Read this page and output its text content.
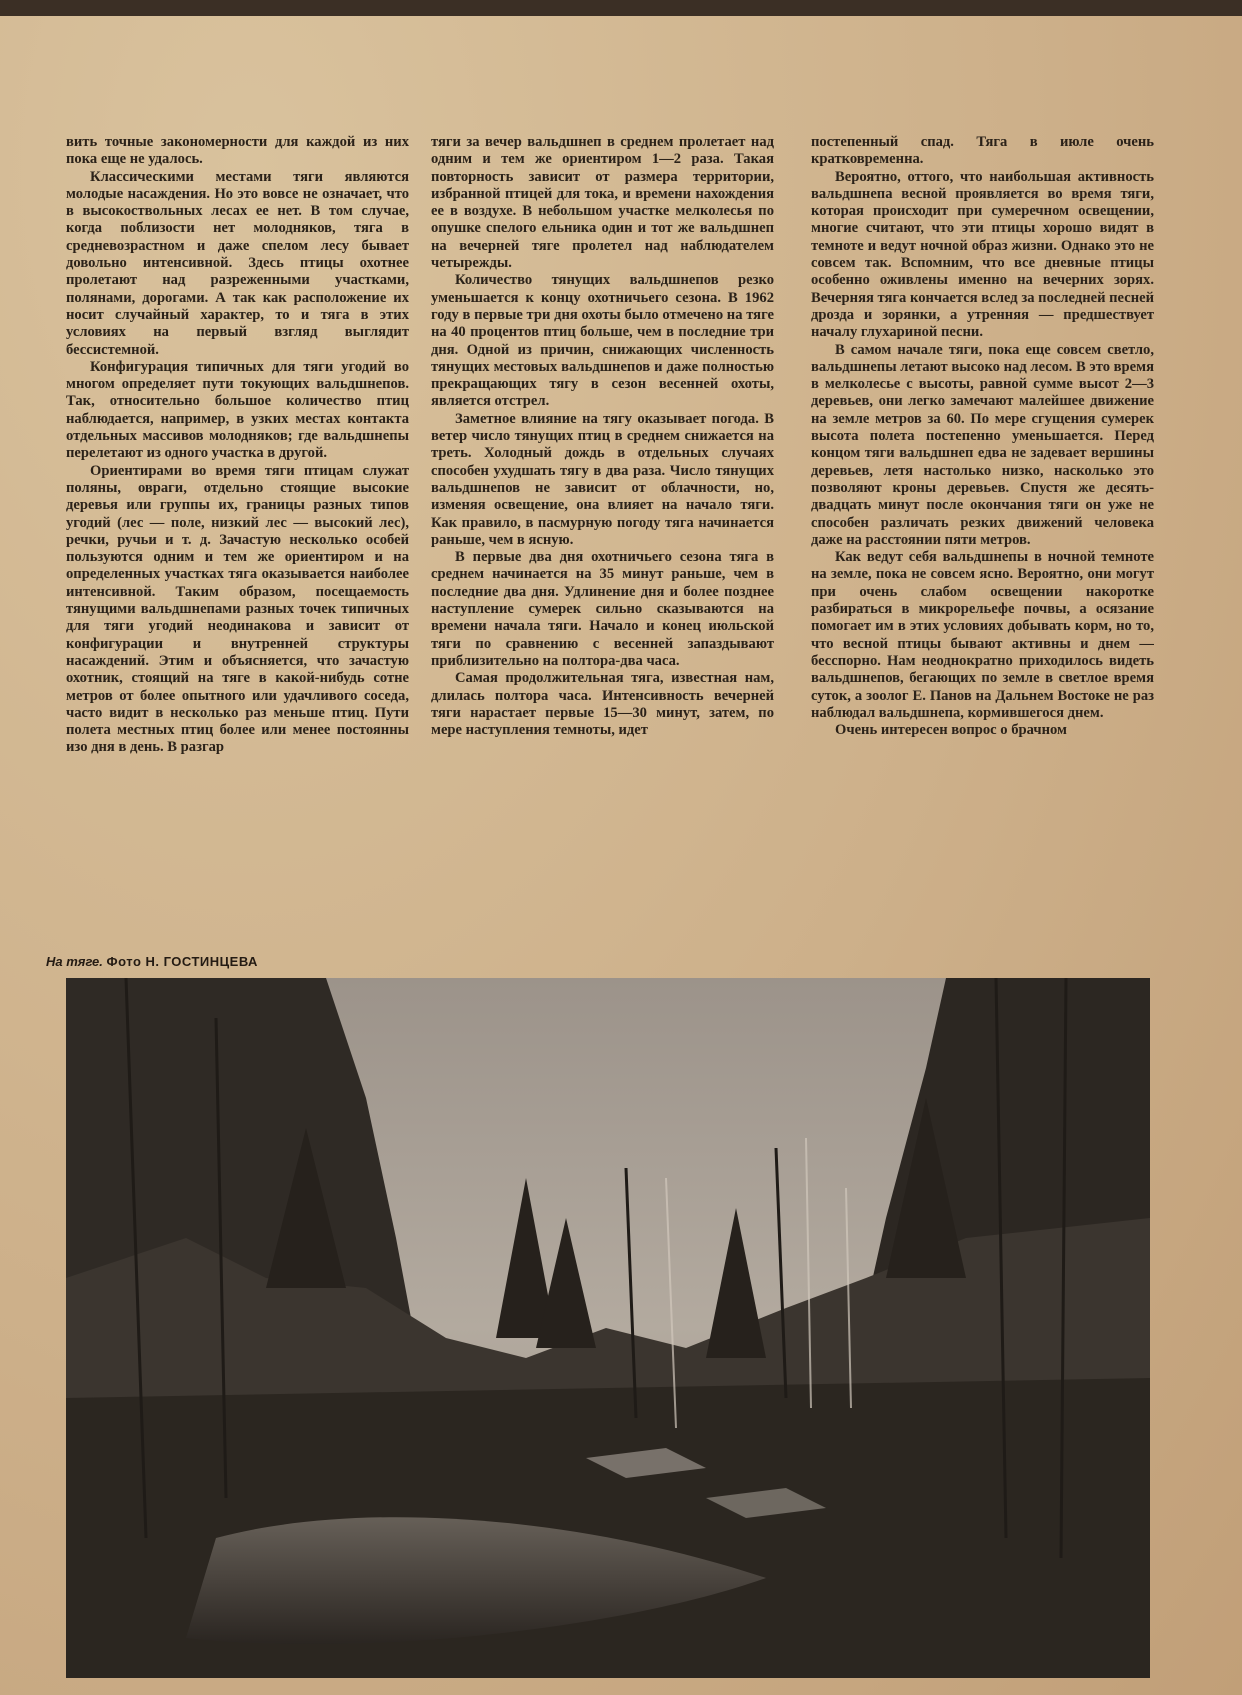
вить точные закономерности для каждой из них пока еще не удалось.

Классическими местами тяги являются молодые насаждения. Но это вовсе не означает, что в высокоствольных лесах ее нет. В том случае, когда поблизости нет молодняков, тяга в средневозрастном и даже спелом лесу бывает довольно интенсивной. Здесь птицы охотнее пролетают над разреженными участками, полянами, дорогами. А так как расположение их носит случайный характер, то и тяга в этих условиях на первый взгляд выглядит бессистемной.

Конфигурация типичных для тяги угодий во многом определяет пути токующих вальдшнепов. Так, относительно большое количество птиц наблюдается, например, в узких местах контакта отдельных массивов молодняков; где вальдшнепы перелетают из одного участка в другой.

Ориентирами во время тяги птицам служат поляны, овраги, отдельно стоящие высокие деревья или группы их, границы разных типов угодий (лес — поле, низкий лес — высокий лес), речки, ручьи и т. д. Зачастую несколько особей пользуются одним и тем же ориентиром и на определенных участках тяга оказывается наиболее интенсивной. Таким образом, посещаемость тянущими вальдшнепами разных точек типичных для тяги угодий неодинакова и зависит от конфигурации и внутренней структуры насаждений. Этим и объясняется, что зачастую охотник, стоящий на тяге в какой-нибудь сотне метров от более опытного или удачливого соседа, часто видит в несколько раз меньше птиц. Пути полета местных птиц более или менее постоянны изо дня в день. В разгар

тяги за вечер вальдшнеп в среднем пролетает над одним и тем же ориентиром 1—2 раза. Такая повторность зависит от размера территории, избранной птицей для тока, и времени нахождения ее в воздухе. В небольшом участке мелколесья по опушке спелого ельника один и тот же вальдшнеп на вечерней тяге пролетел над наблюдателем четырежды.

Количество тянущих вальдшнепов резко уменьшается к концу охотничьего сезона. В 1962 году в первые три дня охоты было отмечено на тяге на 40 процентов птиц больше, чем в последние три дня. Одной из причин, снижающих численность тянущих местовых вальдшнепов и даже полностью прекращающих тягу в сезон весенней охоты, является отстрел.

Заметное влияние на тягу оказывает погода. В ветер число тянущих птиц в среднем снижается на треть. Холодный дождь в отдельных случаях способен ухудшать тягу в два раза. Число тянущих вальдшнепов не зависит от облачности, но, изменяя освещение, она влияет на начало тяги. Как правило, в пасмурную погоду тяга начинается раньше, чем в ясную.

В первые два дня охотничьего сезона тяга в среднем начинается на 35 минут раньше, чем в последние два дня. Удлинение дня и более позднее наступление сумерек сильно сказываются на времени начала тяги. Начало и конец июльской тяги по сравнению с весенней запаздывают приблизительно на полтора-два часа.

Самая продолжительная тяга, известная нам, длилась полтора часа. Интенсивность вечерней тяги нарастает первые 15—30 минут, затем, по мере наступления темноты, идет

постепенный спад. Тяга в июле очень кратковременна.

Вероятно, оттого, что наибольшая активность вальдшнепа весной проявляется во время тяги, которая происходит при сумеречном освещении, многие считают, что эти птицы хорошо видят в темноте и ведут ночной образ жизни. Однако это не совсем так. Вспомним, что все дневные птицы особенно оживлены именно на вечерних зорях. Вечерняя тяга кончается вслед за последней песней дрозда и зорянки, а утренняя — предшествует началу глухариной песни.

В самом начале тяги, пока еще совсем светло, вальдшнепы летают высоко над лесом. В это время в мелколесье с высоты, равной сумме высот 2—3 деревьев, они легко замечают малейшее движение на земле метров за 60. По мере сгущения сумерек высота полета постепенно уменьшается. Перед концом тяги вальдшнеп едва не задевает вершины деревьев, летя настолько низко, насколько это позволяют кроны деревьев. Спустя же десять-двадцать минут после окончания тяги он уже не способен различать резких движений человека даже на расстоянии пяти метров.

Как ведут себя вальдшнепы в ночной темноте на земле, пока не совсем ясно. Вероятно, они могут при очень слабом освещении накоротке разбираться в микрорельефе почвы, а осязание помогает им в этих условиях добывать корм, но то, что весной птицы бывают активны и днем — бесспорно. Нам неоднократно приходилось видеть вальдшнепов, бегающих по земле в светлое время суток, а зоолог Е. Панов на Дальнем Востоке не раз наблюдал вальдшнепа, кормившегося днем.

Очень интересен вопрос о брачном

На тяге. Фото Н. ГОСТИНЦЕВА
